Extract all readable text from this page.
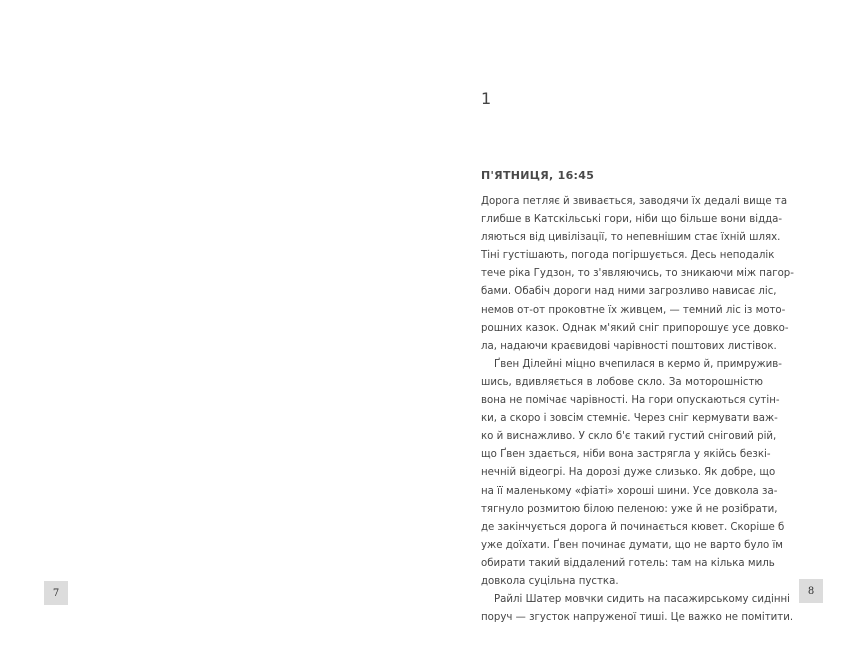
7
1
П'ЯТНИЦЯ, 16:45
Дорога петляє й звивається, заводячи їх дедалі вище та
глибше в Катскільські гори, ніби що більше вони відда-
ляються від цивілізації, то непевнішим стає їхній шлях.
Тіні густішають, погода погіршується. Десь неподалік
тече ріка Гудзон, то з'являючись, то зникаючи між пагор-
бами. Обабіч дороги над ними загрозливо нависає ліс,
немов от-от проковтне їх живцем, — темний ліс із мото-
рошних казок. Однак м'який сніг припорошує усе довко-
ла, надаючи краєвидові чарівності поштових листівок.
Ґвен Ділейні міцно вчепилася в кермо й, примружив-
шись, вдивляється в лобове скло. За моторошністю
вона не помічає чарівності. На гори опускаються сутін-
ки, а скоро і зовсім стемніє. Через сніг кермувати важ-
ко й виснажливо. У скло б'є такий густий сніговий рій,
що Ґвен здається, ніби вона застрягла у якійсь безкі-
нечній відеогрі. На дорозі дуже слизько. Як добре, що
на її маленькому «фіаті» хороші шини. Усе довкола за-
тягнуло розмитою білою пеленою: уже й не розібрати,
де закінчується дорога й починається кювет. Скоріше б
уже доїхати. Ґвен починає думати, що не варто було їм
обирати такий віддалений готель: там на кілька миль
довкола суцільна пустка.
Райлі Шатер мовчки сидить на пасажирському сидінні
поруч — згусток напруженої тиші. Це важко не помітити.
8
